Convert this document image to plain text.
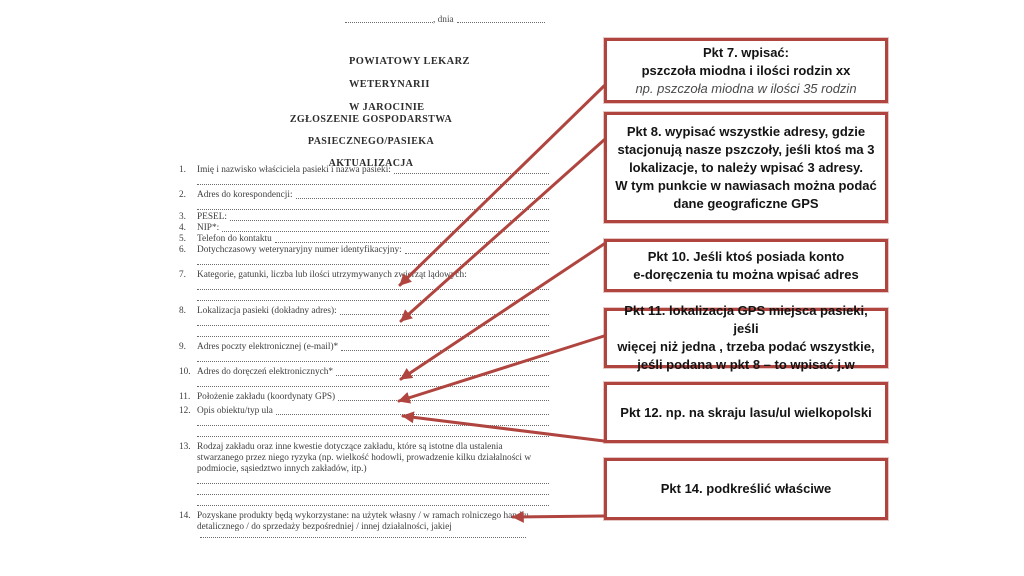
, dnia
POWIATOWY LEKARZ WETERYNARII
W JAROCINIE
ZGŁOSZENIE GOSPODARSTWA PASIECZNEGO/PASIEKA
AKTUALIZACJA
1. Imię i nazwisko właściciela pasieki i nazwa pasieki:
2. Adres do korespondencji:
3. PESEL:
4. NIP*:
5. Telefon do kontaktu
6. Dotychczasowy weterynaryjny numer identyfikacyjny:
7. Kategorie, gatunki, liczba lub ilości utrzymywanych zwierząt lądowych:
8. Lokalizacja pasieki (dokładny adres):
9. Adres poczty elektronicznej (e-mail)*
10. Adres do doręczeń elektronicznych*
11. Położenie zakładu (koordynaty GPS)
12. Opis obiektu/typ ula
13. Rodzaj zakładu oraz inne kwestie dotyczące zakładu, które są istotne dla ustalenia stwarzanego przez niego ryzyka (np. wielkość hodowli, prowadzenie kilku działalności w podmiocie, sąsiedztwo innych zakładów, itp.)
14. Pozyskane produkty będą wykorzystane: na użytek własny / w ramach rolniczego handlu detalicznego / do sprzedaży bezpośredniej / innej działalności, jakiej
Pkt 7. wpisać:
pszczoła miodna i ilości rodzin xx
np. pszczoła miodna w ilości 35 rodzin
Pkt 8. wypisać wszystkie adresy, gdzie
stacjonują nasze pszczoły, jeśli ktoś ma 3
lokalizacje, to należy wpisać 3 adresy.
W tym punkcie w nawiasach można podać
dane geograficzne GPS
Pkt 10. Jeśli ktoś posiada konto
e-doręczenia tu można wpisać adres
Pkt 11. lokalizacja GPS miejsca pasieki, jeśli
więcej niż jedna , trzeba podać wszystkie,
jeśli podana w pkt 8 – to wpisać j.w
Pkt 12. np. na skraju lasu/ul wielkopolski
Pkt 14. podkreślić właściwe
